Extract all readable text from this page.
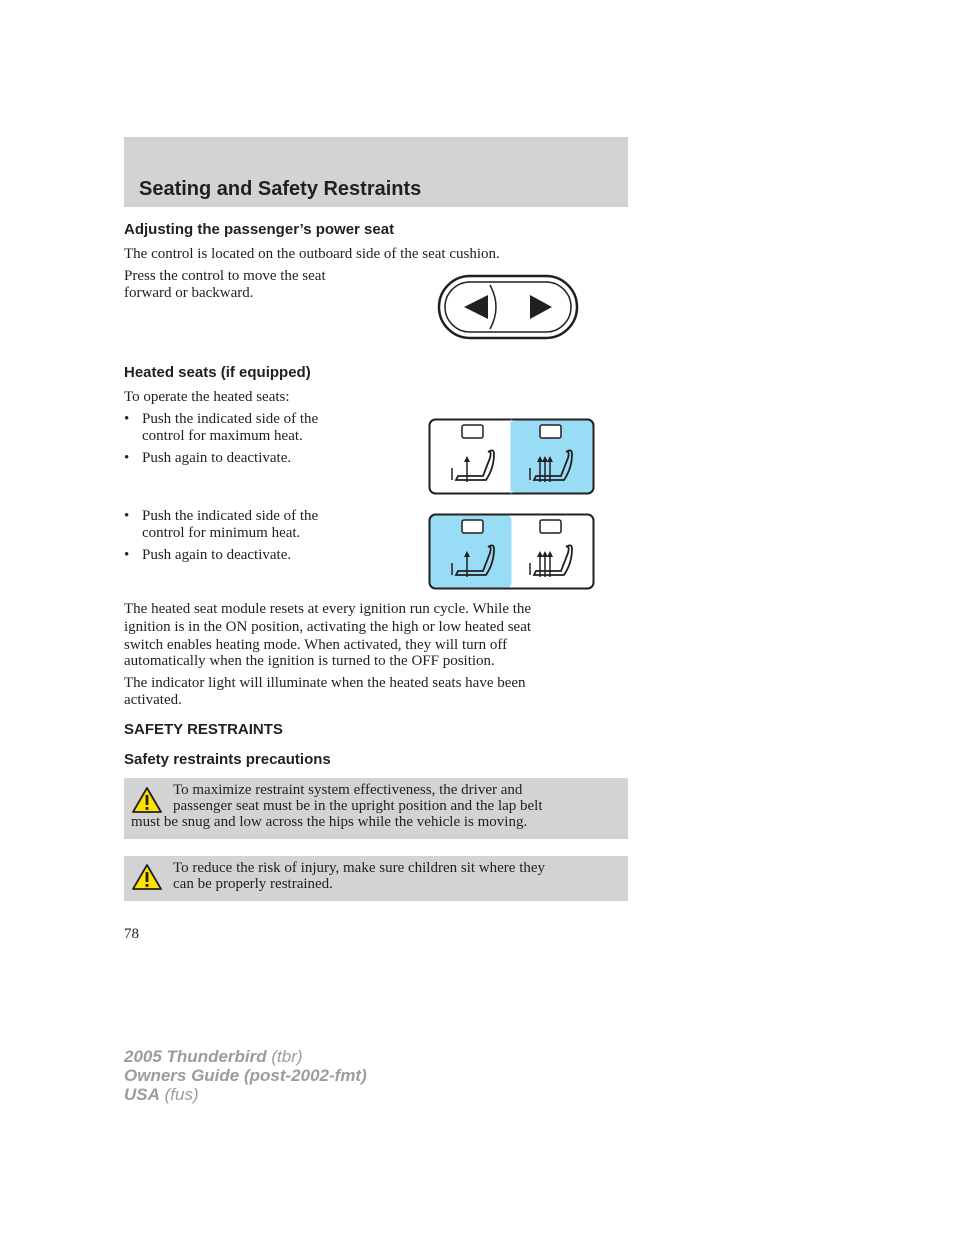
Seating and Safety Restraints
Adjusting the passenger’s power seat
The control is located on the outboard side of the seat cushion.
Press the control to move the seat
forward or backward.
Heated seats (if equipped)
To operate the heated seats:
• Push the indicated side of the
control for maximum heat.
• Push again to deactivate.
• Push the indicated side of the
control for minimum heat.
• Push again to deactivate.
The heated seat module resets at every ignition run cycle. While the
ignition is in the ON position, activating the high or low heated seat
switch enables heating mode. When activated, they will turn off
automatically when the ignition is turned to the OFF position.
The indicator light will illuminate when the heated seats have been
activated.
SAFETY RESTRAINTS
Safety restraints precautions
To maximize restraint system effectiveness, the driver and
passenger seat must be in the upright position and the lap belt
must be snug and low across the hips while the vehicle is moving.
To reduce the risk of injury, make sure children sit where they
can be properly restrained.
78
2005 Thunderbird (tbr)
Owners Guide (post-2002-fmt)
USA (fus)
